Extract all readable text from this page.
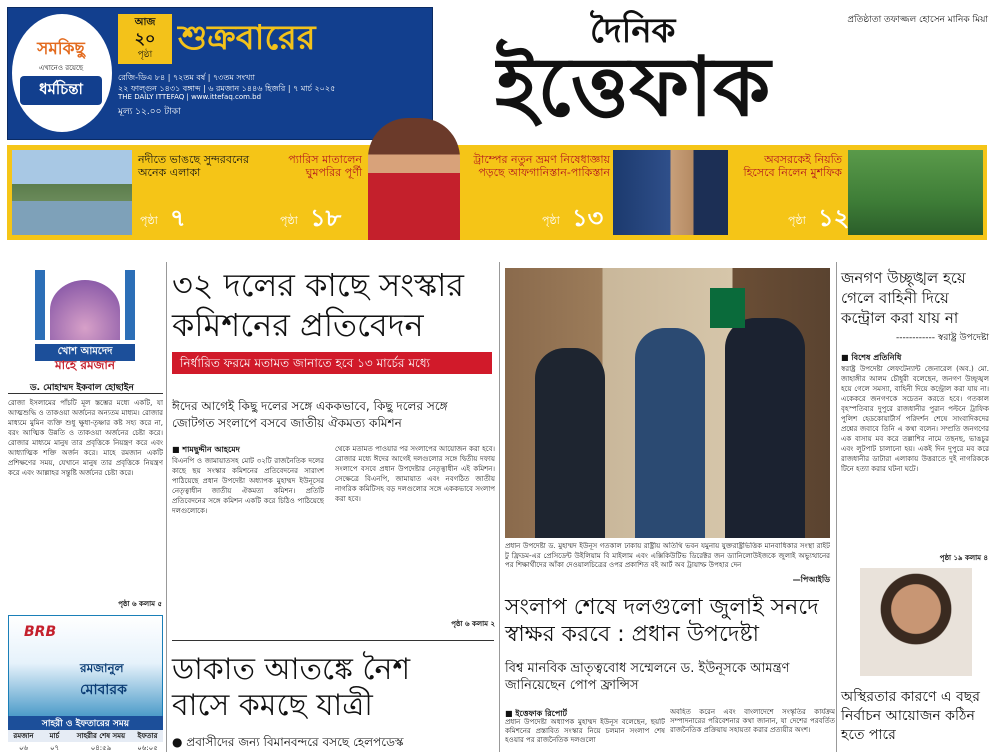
সমকিছু
এখানেও রয়েছে
ধর্মচিন্তা
আজ
২০
পৃষ্ঠা শুক্রবারের
রেজি-ডিএ ৮৪ | ৭২তম বর্ষ | ৭৩তম সংখ্যা
২২ ফাল্গুন ১৪৩১ বঙ্গাব্দ | ৬ রমজান ১৪৪৬ হিজরি | ৭ মার্চ ২০২৫
THE DAILY ITTEFAQ | www.ittefaq.com.bd
মূল্য ১২.০০ টাকা
দৈনিক	প্রতিষ্ঠাতা তফাজ্জল হোসেন মানিক মিয়া
ইত্তেফাক
নদীতে ভাঙছে সুন্দরবনের অনেক এলাকা
পৃষ্ঠা ৭
প্যারিস মাতালেন ঘুমপরির পূর্ণী
পৃষ্ঠা ১৮
ট্রাম্পের নতুন ভ্রমণ নিষেধাজ্ঞায় পড়ছে আফগানিস্তান-পাকিস্তান
পৃষ্ঠা ১৩
অবসরকেই নিয়তি হিসেবে নিলেন মুশফিক
পৃষ্ঠা ১২
খোশ আমদেদ
মাহে রমজান
ড. মোহাম্মদ ইকবাল হোছাইন
রোজা ইসলামের পাঁচটি মূল স্তম্ভের মধ্যে একটি, যা আত্মশুদ্ধি ও তাকওয়া অর্জনের অন্যতম মাধ্যম। রোজার মাধ্যমে মুমিন ব্যক্তি শুধু ক্ষুধা-তৃষ্ণার কষ্ট সহ্য করে না, বরং আত্মিক উন্নতি ও তাকওয়া অর্জনের চেষ্টা করে। রোজার মাধ্যমে মানুষ তার প্রবৃত্তিকে নিয়ন্ত্রণ করে এবং আধ্যাত্মিক শক্তি অর্জন করে। মাহে রমজান একটি প্রশিক্ষণের সময়, যেখানে মানুষ তার প্রবৃত্তিকে নিয়ন্ত্রণ করে এবং আল্লাহর সন্তুষ্টি অর্জনের চেষ্টা করে।
পৃষ্ঠা ৬ কলাম ৫
BRB
রমজানুল
মোবারক
সাহরী ও ইফতারের সময়
রমজান	মার্চ	সাহরীর শেষ সময়	ইফতার
০৬	০৭	০৪:৫৯	০৬:০৫
৩২ দলের কাছে সংস্কার
কমিশনের প্রতিবেদন
নির্ধারিত ফরমে মতামত জানাতে হবে ১৩ মার্চের মধ্যে
ঈদের আগেই কিছু দলের সঙ্গে এককভাবে, কিছু দলের সঙ্গে জোটগত সংলাপে বসবে জাতীয় ঐকমত্য কমিশন
■ শামছুদ্দীন আহমেদ
বিএনপি ও জামায়াতসহ মোট ৩২টি রাজনৈতিক দলের কাছে ছয় সংস্কার কমিশনের প্রতিবেদনের সারাংশ পাঠিয়েছে প্রধান উপদেষ্টা অধ্যাপক মুহাম্মদ ইউনূসের নেতৃত্বাধীন জাতীয় ঐকমত্য কমিশন। প্রতিটি প্রতিবেদনের সঙ্গে কমিশন একটি করে চিঠিও পাঠিয়েছে দলগুলোকে।
থেকে মতামত পাওয়ার পর সংলাপের আয়োজন করা হবে। রোজার মধ্যে ঈদের আগেই দলগুলোর সঙ্গে দ্বিতীয় দফায় সংলাপে বসবে প্রধান উপদেষ্টার নেতৃত্বাধীন এই কমিশন। সেক্ষেত্রে বিএনপি, জামায়াত এবং নবগঠিত জাতীয় নাগরিক কমিটিসহ বড় দলগুলোর সঙ্গে এককভাবে সংলাপ করা হবে।
পৃষ্ঠা ৬ কলাম ২
ডাকাত আতঙ্কে নৈশ
বাসে কমছে যাত্রী
● প্রবাসীদের জন্য বিমানবন্দরে বসছে হেলপডেস্ক
প্রধান উপদেষ্টা ড. মুহাম্মদ ইউনূস গতকাল ঢাকায় রাষ্ট্রীয় অতিথি ভবন যমুনায় যুক্তরাষ্ট্রভিত্তিক মানবাধিকার সংস্থা রাইট টু ফ্রিডম-এর প্রেসিডেন্ট উইলিয়াম বি মাইলাম এবং এক্সিকিউটিভ ডিরেক্টর জন ড্যানিলোউইজকে জুলাই অভ্যুত্থানের পর শিক্ষার্থীদের আঁকা দেওয়ালচিত্রের ওপর প্রকাশিত বই আর্ট অব ট্রায়াম্ফ উপহার দেন
—পিআইডি
সংলাপ শেষে দলগুলো জুলাই সনদে
স্বাক্ষর করবে : প্রধান উপদেষ্টা
বিশ্ব মানবিক ভ্রাতৃত্ববোধ সম্মেলনে ড. ইউনূসকে আমন্ত্রণ জানিয়েছেন পোপ ফ্রান্সিস
■ ইত্তেফাক রিপোর্ট
প্রধান উপদেষ্টা অধ্যাপক মুহাম্মদ ইউনূস বলেছেন, ছয়টি কমিশনের প্রস্তাবিত সংস্কার নিয়ে চলমান সংলাপ শেষ হওয়ার পর রাজনৈতিক দলগুলো
অবহিত করেন এবং বাংলাদেশে সংস্কৃতির কার্যক্রম সম্পাদনারের পরিবেশনার কথা জানান, যা দেশের পরবর্তিত রাজনৈতিক প্রক্রিয়ায় সহায়তা করার প্রত্যয়ীর অংশ।
জনগণ উচ্ছৃঙ্খল হয়ে গেলে বাহিনী দিয়ে কন্ট্রোল করা যায় না
------------ স্বরাষ্ট্র উপদেষ্টা
■ বিশেষ প্রতিনিধি
স্বরাষ্ট্র উপদেষ্টা লেফটেন্যান্ট জেনারেল (অব.) মো. জাহাঙ্গীর আলম চৌধুরী বলেছেন, জনগণ উচ্ছৃঙ্খল হয়ে গেলে সমস্যা, বাহিনী দিয়ে কন্ট্রোল করা যায় না। একেকরে জনগণকে সচেতন করতে হবে। গতকাল বৃহস্পতিবার দুপুরে রাজধানীর পুরান পল্টনে ট্রাফিক পুলিশ হেডকোয়ার্টার্স পরিদর্শন শেষে সাংবাদিকদের প্রশ্নের জবাবে তিনি এ কথা বলেন। সম্প্রতি জনগণের এক বাসায় মব করে তল্লাশির নামে তছনছ, ভাঙচুর এবং লুটপাট চালানো হয়। একই দিন দুপুরে মব করে রাজধানীর ডাটারা এলাকায় উত্তরাতে দুই নাগরিককে টিনে হত্যা করার ঘটনা ঘটে।
পৃষ্ঠা ১৯ কলাম ৪
অস্থিরতার কারণে এ বছর নির্বাচন আয়োজন কঠিন হতে পারে
